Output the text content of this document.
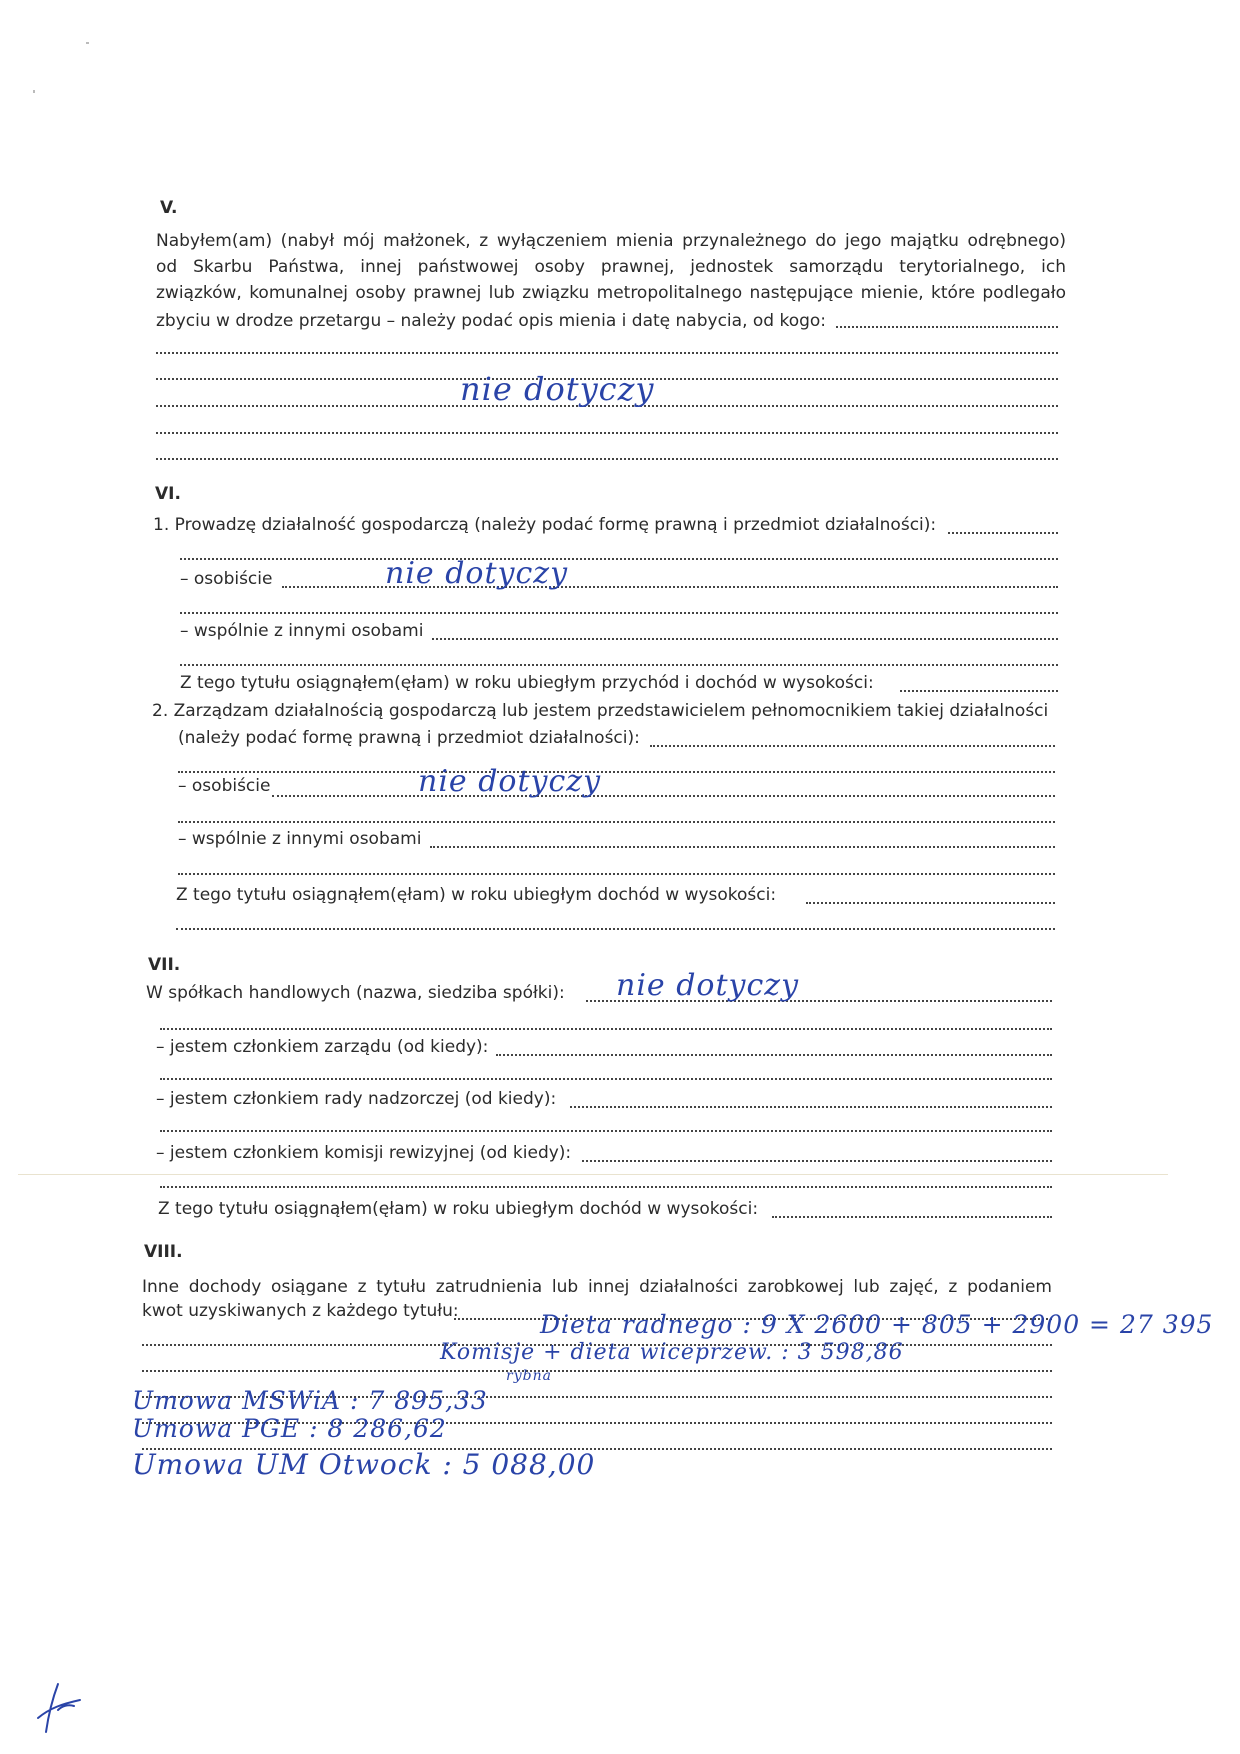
V.
Nabyłem(am) (nabył mój małżonek, z wyłączeniem mienia przynależnego do jego majątku odrębnego)
od Skarbu Państwa, innej państwowej osoby prawnej, jednostek samorządu terytorialnego, ich
związków, komunalnej osoby prawnej lub związku metropolitalnego następujące mienie, które podlegało
zbyciu w drodze przetargu – należy podać opis mienia i datę nabycia, od kogo:
nie dotyczy
VI.
1. Prowadzę działalność gospodarczą (należy podać formę prawną i przedmiot działalności):
– osobiście	nie dotyczy
– wspólnie z innymi osobami
Z tego tytułu osiągnąłem(ęłam) w roku ubiegłym przychód i dochód w wysokości:
2. Zarządzam działalnością gospodarczą lub jestem przedstawicielem pełnomocnikiem takiej działalności
(należy podać formę prawną i przedmiot działalności):
– osobiście	nie dotyczy
– wspólnie z innymi osobami
Z tego tytułu osiągnąłem(ęłam) w roku ubiegłym dochód w wysokości:
VII.
W spółkach handlowych (nazwa, siedziba spółki): nie dotyczy
– jestem członkiem zarządu (od kiedy):
– jestem członkiem rady nadzorczej (od kiedy):
– jestem członkiem komisji rewizyjnej (od kiedy):
Z tego tytułu osiągnąłem(ęłam) w roku ubiegłym dochód w wysokości:
VIII.
Inne dochody osiągane z tytułu zatrudnienia lub innej działalności zarobkowej lub zajęć, z podaniem
kwot uzyskiwanych z każdego tytułu:	Dieta radnego : 9 X 2600 + 805 + 2900 = 27 395
Komisje + dieta wiceprzew. : 3 598,86
rybna
Umowa MSWiA : 7 895,33
Umowa PGE : 8 286,62
Umowa UM Otwock : 5 088,00
